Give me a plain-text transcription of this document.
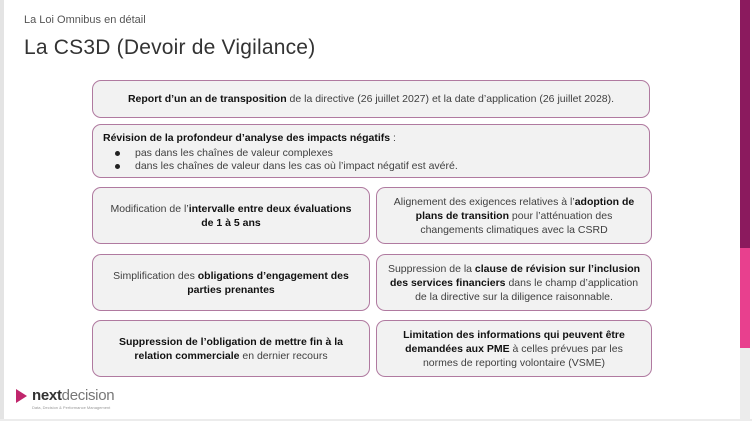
La Loi Omnibus en détail
La CS3D (Devoir de Vigilance)
Report d’un an de transposition de la directive (26 juillet 2027) et la date d’application (26 juillet 2028).
Révision de la profondeur d’analyse des impacts négatifs :
pas dans les chaînes de valeur complexes
dans les chaînes de valeur dans les cas où l’impact négatif est avéré.
Modification de l’intervalle entre deux évaluations de 1 à 5 ans
Alignement des exigences relatives à l’adoption de plans de transition pour l’atténuation des changements climatiques avec la CSRD
Simplification des obligations d’engagement des parties prenantes
Suppression de la clause de révision sur l’inclusion des services financiers dans le champ d’application de la directive sur la diligence raisonnable.
Suppression de l’obligation de mettre fin à la relation commerciale en dernier recours
Limitation des informations qui peuvent être demandées aux PME à celles prévues par les normes de reporting volontaire (VSME)
nextdecision
Data, Decision & Performance Management
